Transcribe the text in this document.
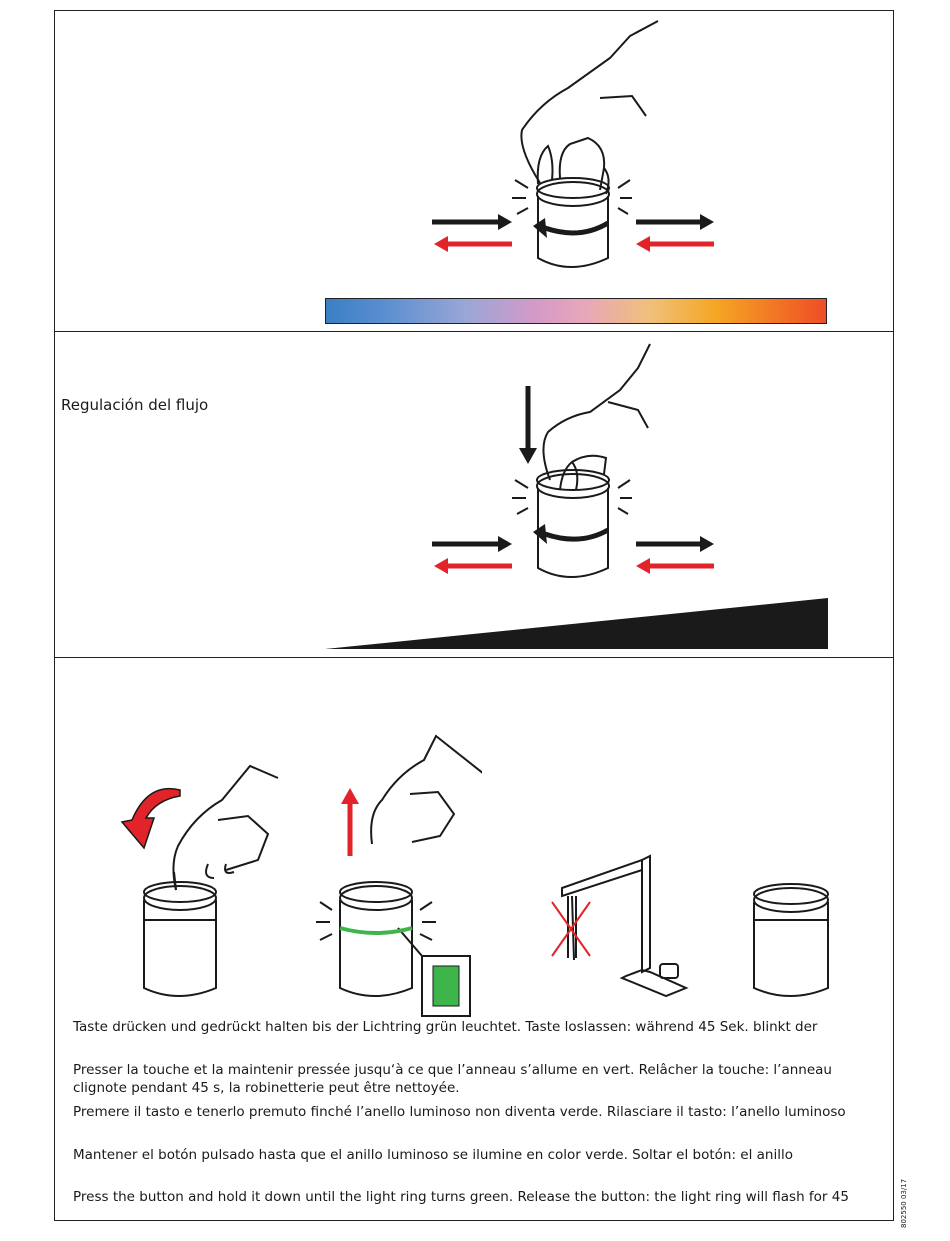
Regulación del flujo
Taste drücken und gedrückt halten bis der Lichtring grün leuchtet. Taste loslassen: während 45 Sek. blinkt der
Presser la touche et la maintenir pressée jusqu‘à ce que l’anneau s’allume en vert. Relâcher la touche: l’anneau clignote pendant 45 s, la robinetterie peut être nettoyée.
Premere il tasto e tenerlo premuto finché l’anello luminoso non diventa verde. Rilasciare il tasto: l’anello luminoso
Mantener el botón pulsado hasta que el anillo luminoso se ilumine en color verde. Soltar el botón: el anillo
Press the button and hold it down until the light ring turns green. Release the button: the light ring will flash for 45	802550 03/17
